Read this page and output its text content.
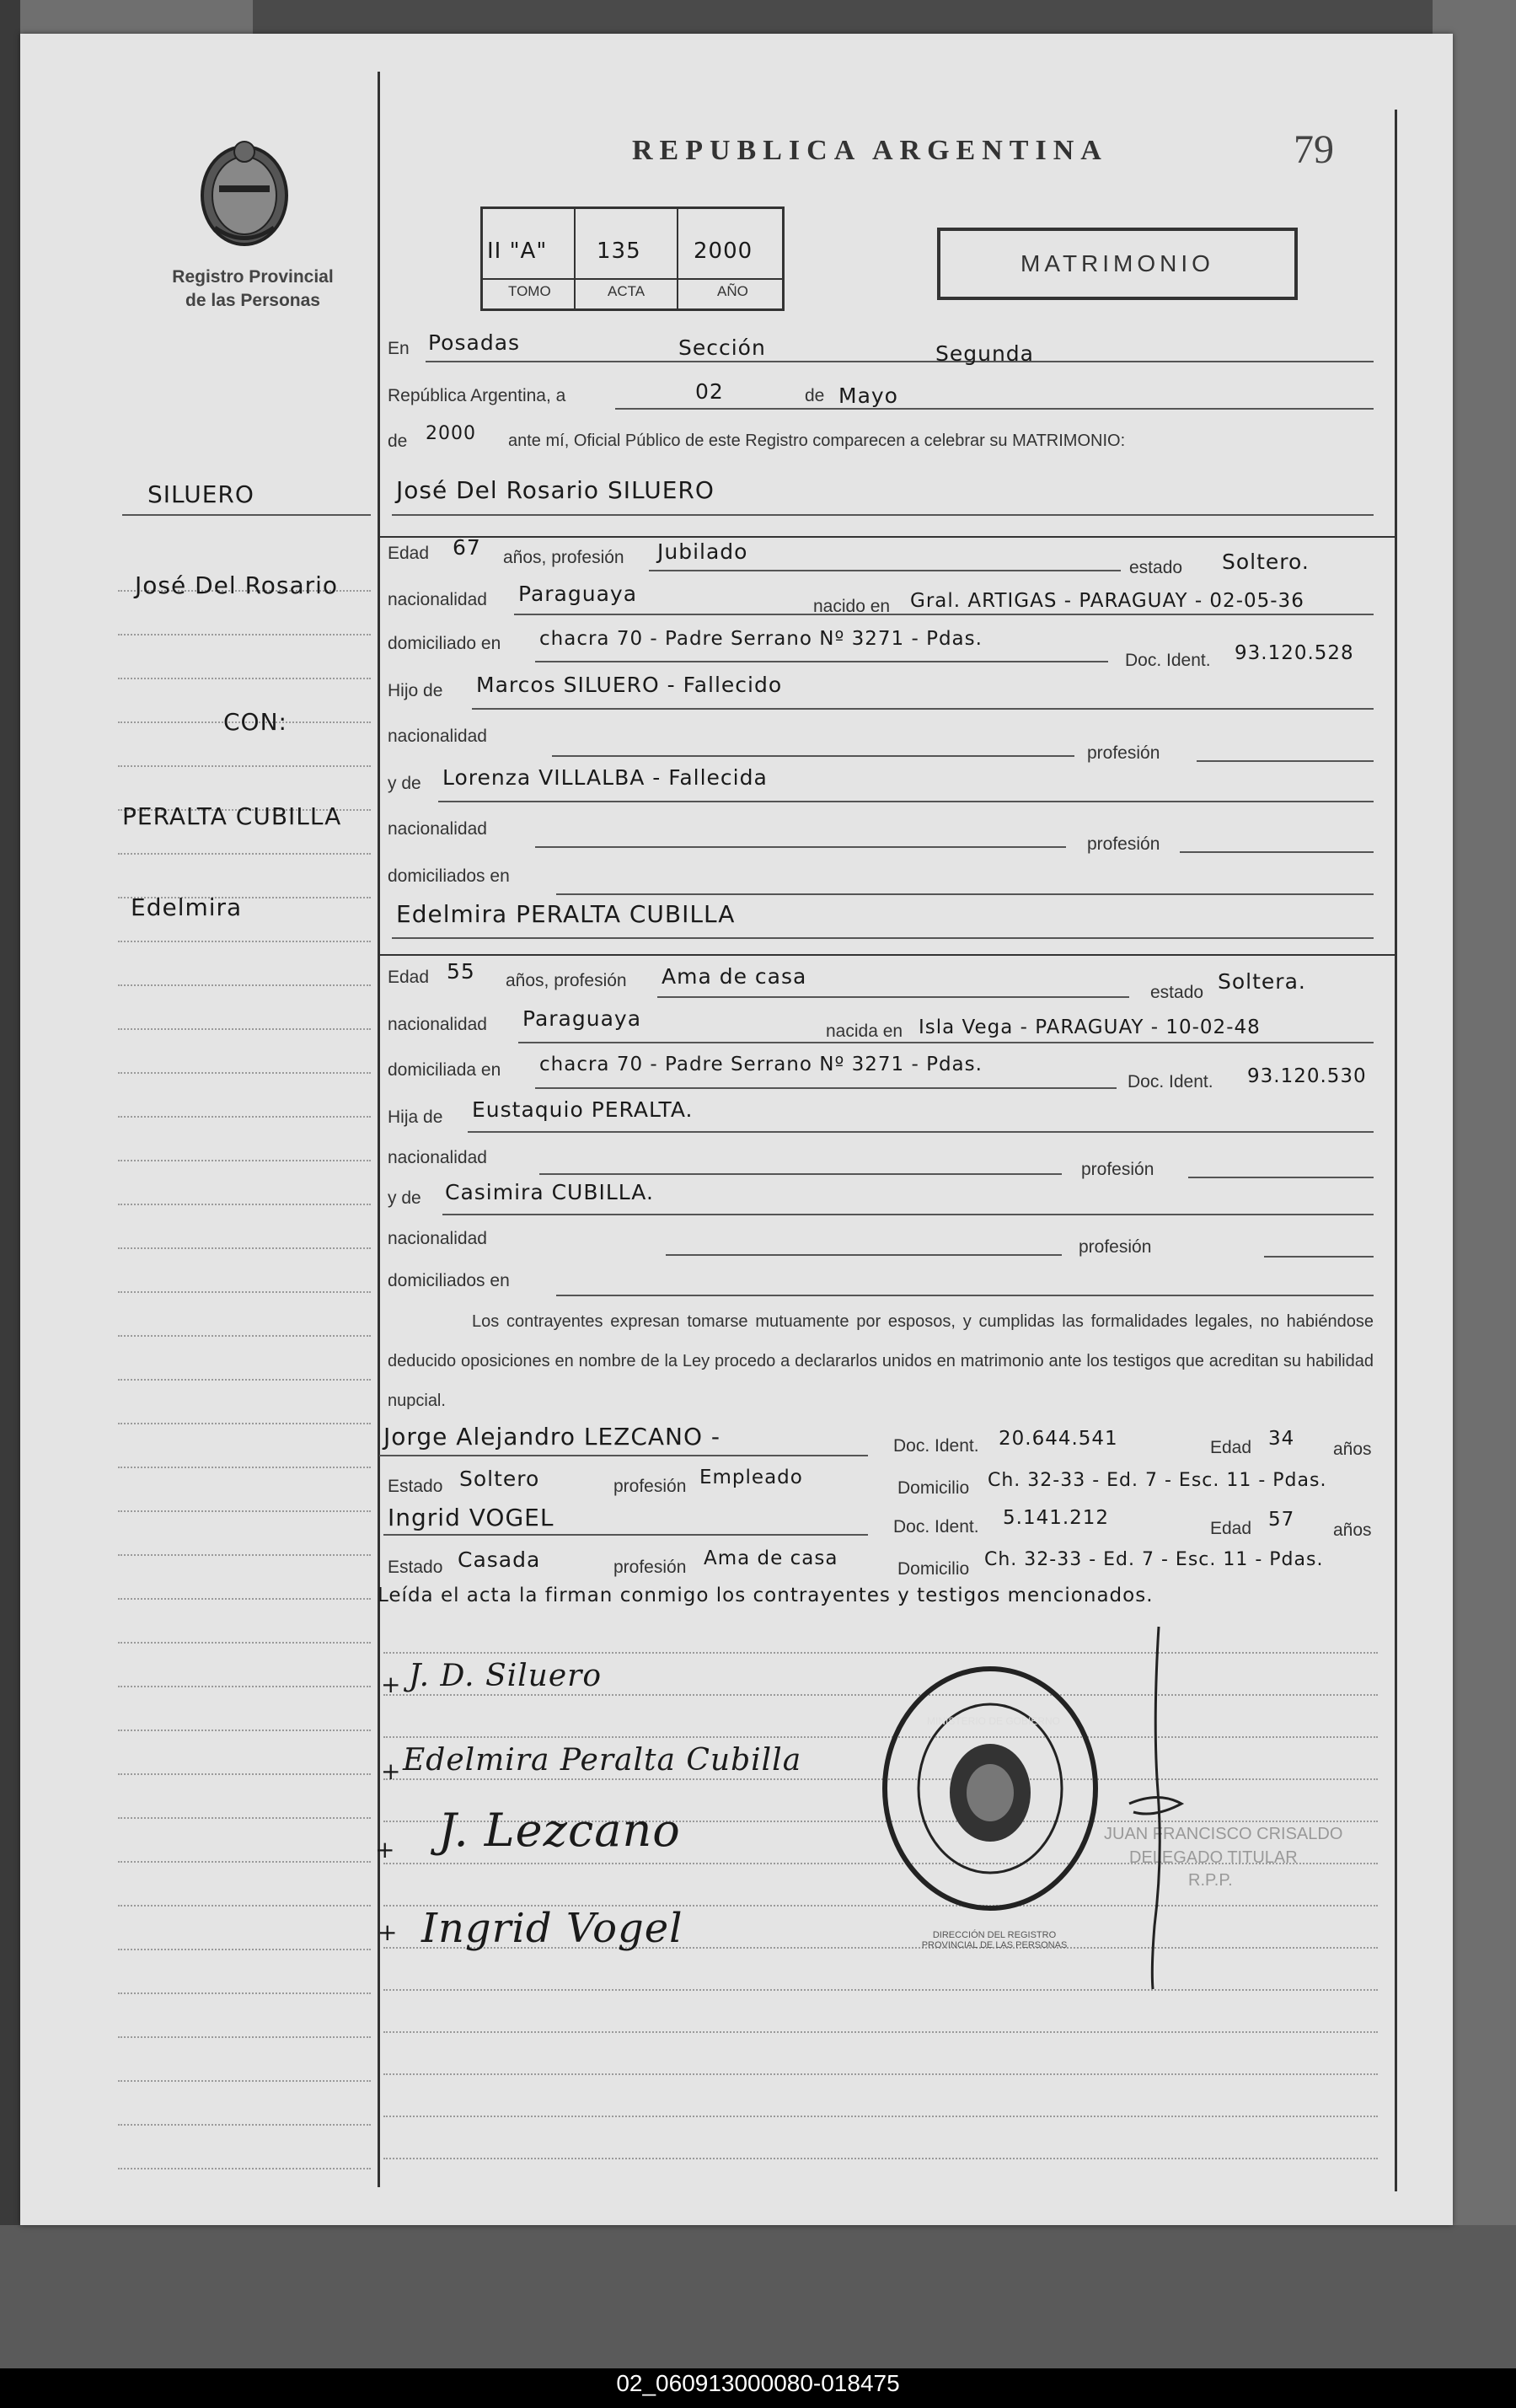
Registro Provincial
de las Personas
REPUBLICA ARGENTINA	79
II "A" 135 2000
TOMO	ACTA	AÑO
MATRIMONIO
SILUERO
José Del Rosario
CON:
PERALTA CUBILLA
Edelmira
En Posadas	Sección	Segunda
República Argentina, a	02	de Mayo
de 2000 ante mí, Oficial Público de este Registro comparecen a celebrar su MATRIMONIO:
José Del Rosario SILUERO
Edad 67 años, profesión Jubilado
estado Soltero.
nacionalidad Paraguaya
nacido en Gral. ARTIGAS - PARAGUAY - 02-05-36
domiciliado en chacra 70 - Padre Serrano Nº 3271 - Pdas.
Doc. Ident. 93.120.528
Hijo de Marcos SILUERO - Fallecido
nacionalidad
profesión
y de Lorenza VILLALBA - Fallecida
nacionalidad
profesión
domiciliados en
Edelmira PERALTA CUBILLA
Edad 55 años, profesión Ama de casa
estado Soltera.
nacionalidad Paraguaya
nacida en Isla Vega - PARAGUAY - 10-02-48
domiciliada en chacra 70 - Padre Serrano Nº 3271 - Pdas.
Doc. Ident. 93.120.530
Hija de Eustaquio PERALTA.
nacionalidad
profesión
y de Casimira CUBILLA.
nacionalidad	profesión
domiciliados en
Los contrayentes expresan tomarse mutuamente por esposos, y cumplidas las formalidades legales, no habiéndose deducido oposiciones en nombre de la Ley procedo a declararlos unidos en matrimonio ante los testigos que acreditan su habilidad nupcial.
Jorge Alejandro LEZCANO -	Doc. Ident. 20.644.541	Edad 34 años
Estado Soltero	profesión Empleado	Domicilio Ch. 32-33 - Ed. 7 - Esc. 11 - Pdas.
Ingrid VOGEL	Doc. Ident. 5.141.212	Edad 57 años
Estado Casada	profesión Ama de casa	Domicilio Ch. 32-33 - Ed. 7 - Esc. 11 - Pdas.
Leída el acta la firman conmigo los contrayentes y testigos mencionados.
+ J. D. Siluero
+ Edelmira Peralta Cubilla
+ J. Lezcano
+ Ingrid Vogel	DIRECCIÓN DEL REGISTRO PROVINCIAL DE LAS PERSONAS
MINISTERIO DE GOBIERNO
JUAN FRANCISCO CRISALDO
DELEGADO TITULAR
R.P.P.
02_060913000080-018475
